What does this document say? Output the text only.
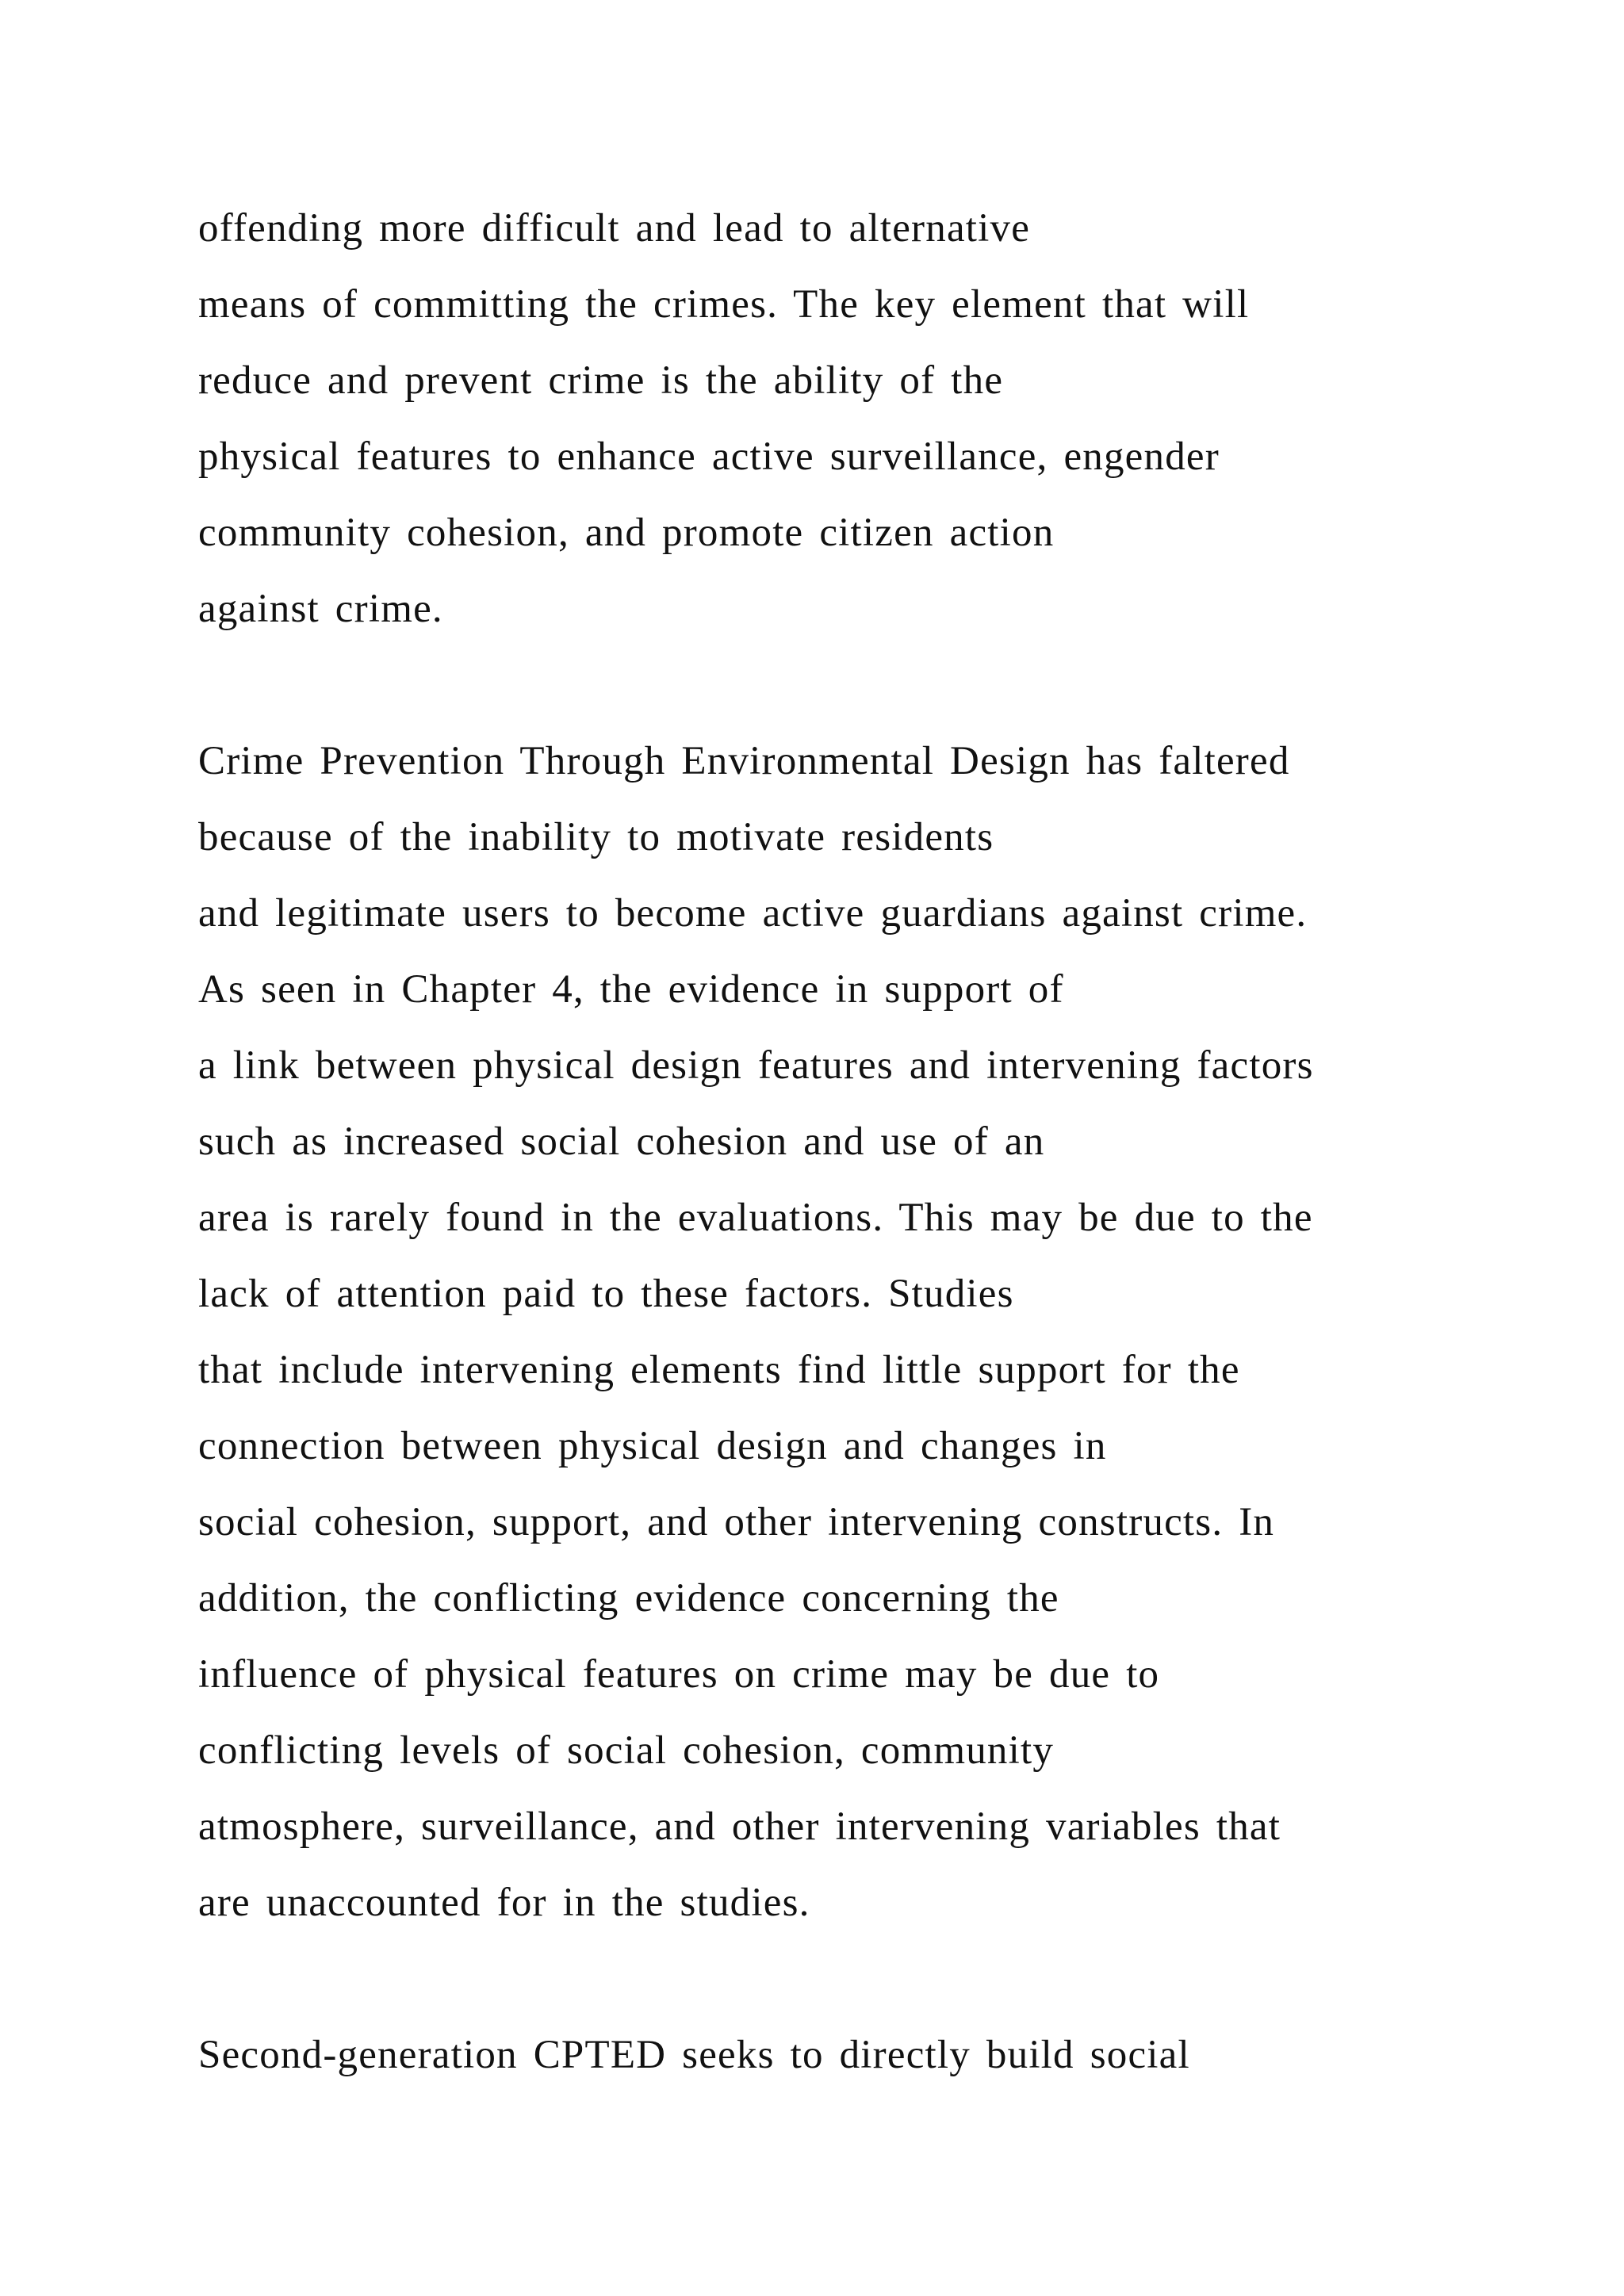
offending more difficult and lead to alternative
means of committing the crimes. The key element that will
reduce and prevent crime is the ability of the
physical features to enhance active surveillance, engender
community cohesion, and promote citizen action
against crime.
Crime Prevention Through Environmental Design has faltered
because of the inability to motivate residents
and legitimate users to become active guardians against crime.
As seen in Chapter 4, the evidence in support of
a link between physical design features and intervening factors
such as increased social cohesion and use of an
area is rarely found in the evaluations. This may be due to the
lack of attention paid to these factors. Studies
that include intervening elements find little support for the
connection between physical design and changes in
social cohesion, support, and other intervening constructs. In
addition, the conflicting evidence concerning the
influence of physical features on crime may be due to
conflicting levels of social cohesion, community
atmosphere, surveillance, and other intervening variables that
are unaccounted for in the studies.
Second-generation CPTED seeks to directly build social
